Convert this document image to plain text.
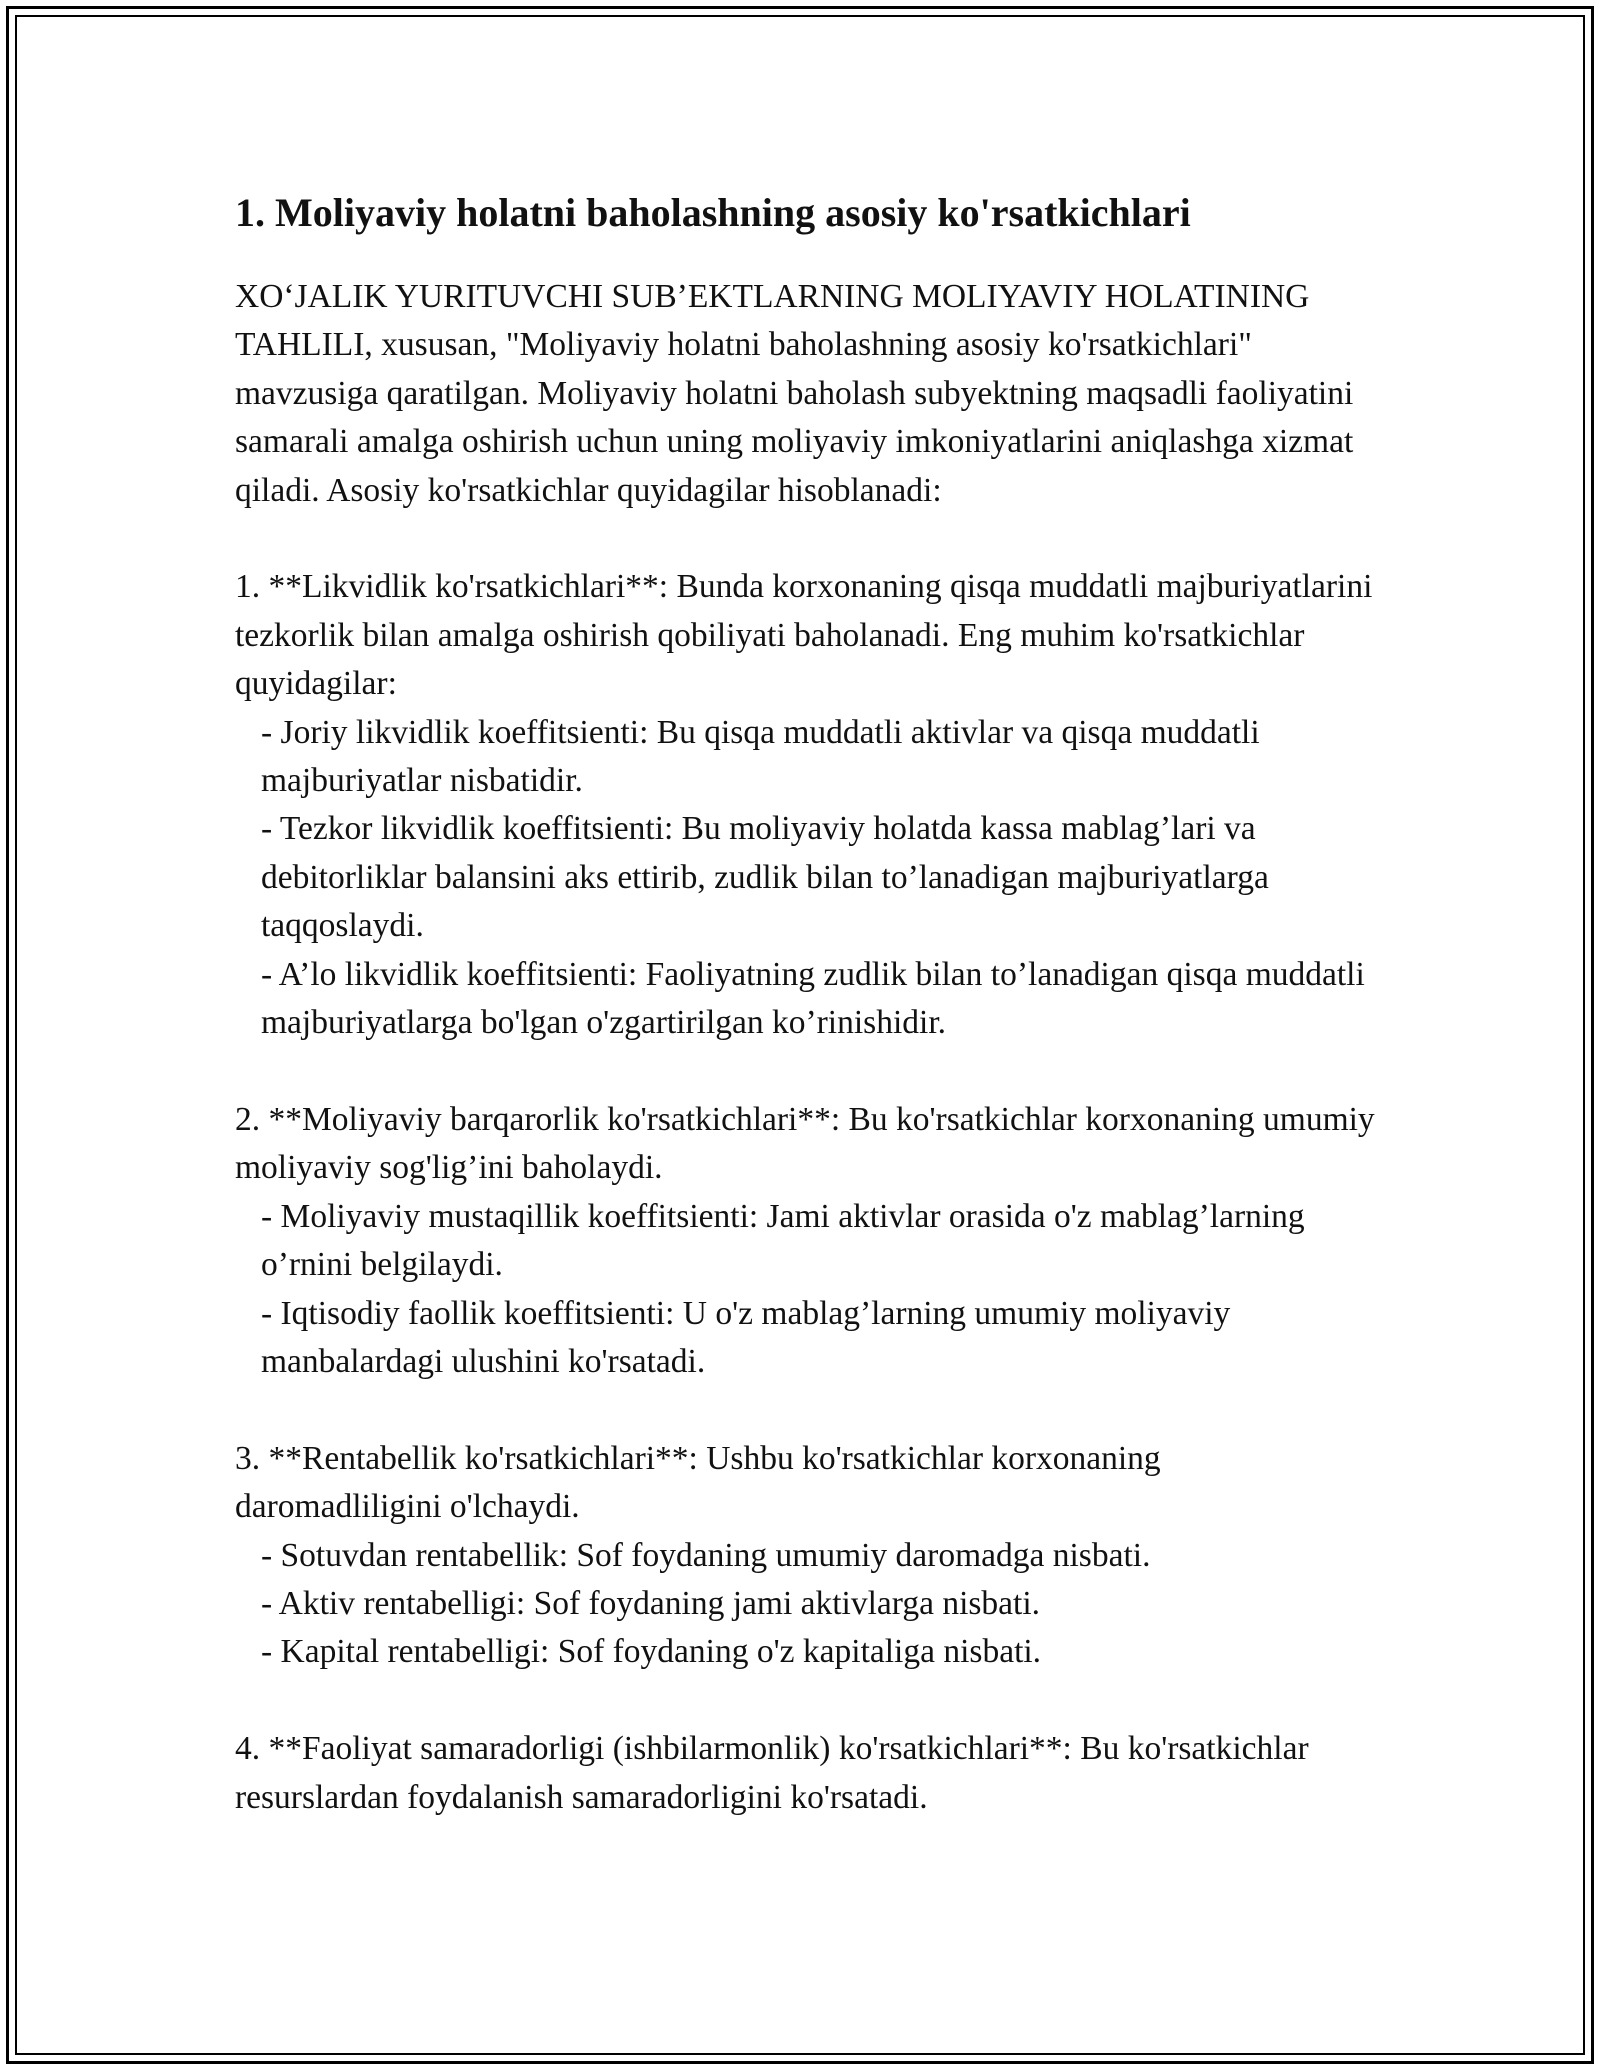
1. Moliyaviy holatni baholashning asosiy ko'rsatkichlari

XO‘JALIK YURITUVCHI SUB’EKTLARNING MOLIYAVIY HOLATINING TAHLILI, xususan, "Moliyaviy holatni baholashning asosiy ko'rsatkichlari" mavzusiga qaratilgan. Moliyaviy holatni baholash subyektning maqsadli faoliyatini samarali amalga oshirish uchun uning moliyaviy imkoniyatlarini aniqlashga xizmat qiladi. Asosiy ko'rsatkichlar quyidagilar hisoblanadi:

1. **Likvidlik ko'rsatkichlari**: Bunda korxonaning qisqa muddatli majburiyatlarini tezkorlik bilan amalga oshirish qobiliyati baholanadi. Eng muhim ko'rsatkichlar quyidagilar:

- Joriy likvidlik koeffitsienti: Bu qisqa muddatli aktivlar va qisqa muddatli majburiyatlar nisbatidir.

- Tezkor likvidlik koeffitsienti: Bu moliyaviy holatda kassa mablag’lari va debitorliklar balansini aks ettirib, zudlik bilan to’lanadigan majburiyatlarga taqqoslaydi.

- A’lo likvidlik koeffitsienti: Faoliyatning zudlik bilan to’lanadigan qisqa muddatli majburiyatlarga bo'lgan o'zgartirilgan ko’rinishidir.

2. **Moliyaviy barqarorlik ko'rsatkichlari**: Bu ko'rsatkichlar korxonaning umumiy moliyaviy sog'lig’ini baholaydi.

- Moliyaviy mustaqillik koeffitsienti: Jami aktivlar orasida o'z mablag’larning o’rnini belgilaydi.

- Iqtisodiy faollik koeffitsienti: U o'z mablag’larning umumiy moliyaviy manbalardagi ulushini ko'rsatadi.

3. **Rentabellik ko'rsatkichlari**: Ushbu ko'rsatkichlar korxonaning daromadliligini o'lchaydi.

- Sotuvdan rentabellik: Sof foydaning umumiy daromadga nisbati.

- Aktiv rentabelligi: Sof foydaning jami aktivlarga nisbati.

- Kapital rentabelligi: Sof foydaning o'z kapitaliga nisbati.

4. **Faoliyat samaradorligi (ishbilarmonlik) ko'rsatkichlari**: Bu ko'rsatkichlar resurslardan foydalanish samaradorligini ko'rsatadi.
